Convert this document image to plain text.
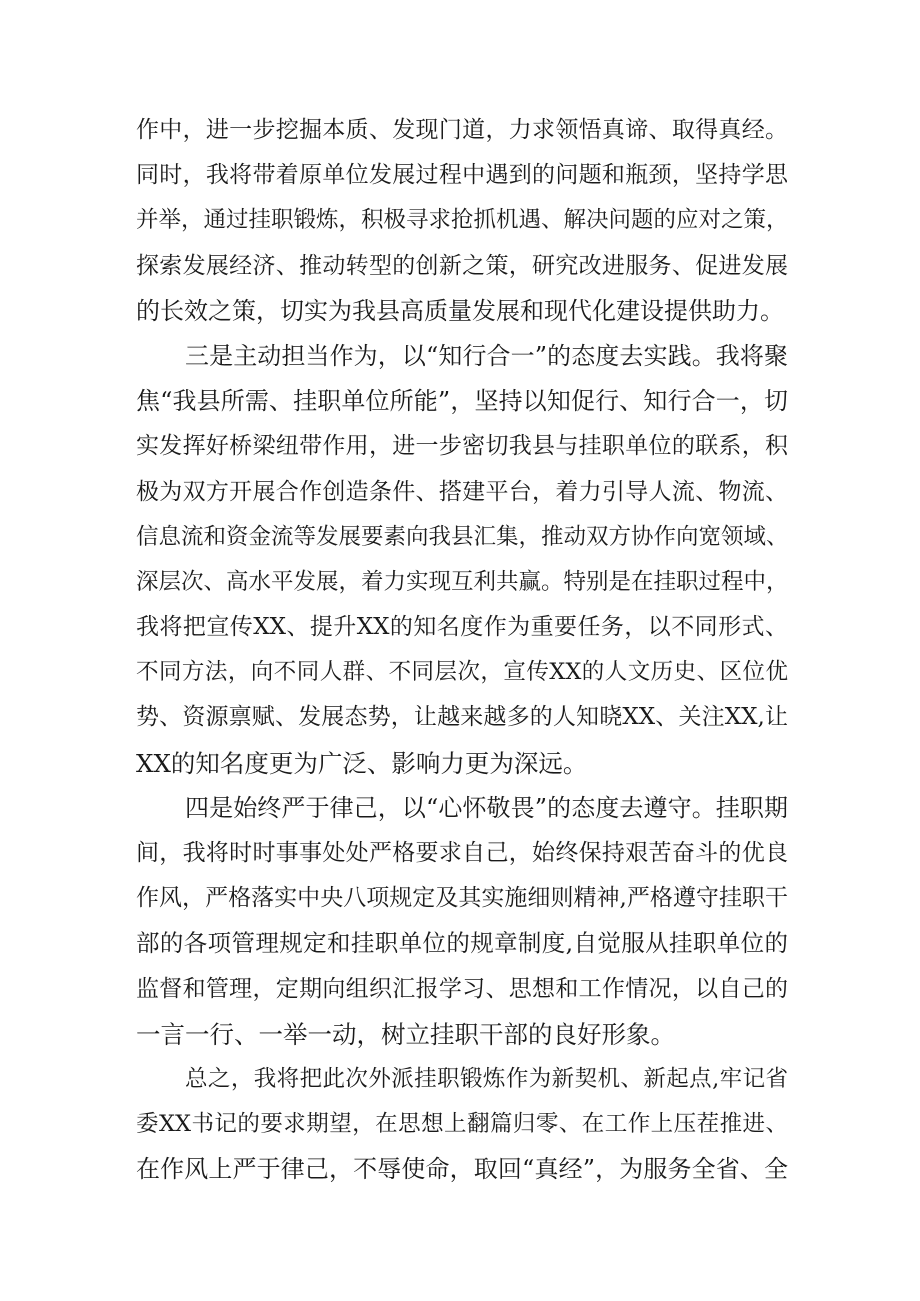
作中，进一步挖掘本质、发现门道，力求领悟真谛、取得真经。
同时，我将带着原单位发展过程中遇到的问题和瓶颈，坚持学思
并举，通过挂职锻炼，积极寻求抢抓机遇、解决问题的应对之策，
探索发展经济、推动转型的创新之策，研究改进服务、促进发展
的长效之策，切实为我县高质量发展和现代化建设提供助力。
三是主动担当作为，以“知行合一”的态度去实践。我将聚
焦“我县所需、挂职单位所能”，坚持以知促行、知行合一，切
实发挥好桥梁纽带作用，进一步密切我县与挂职单位的联系，积
极为双方开展合作创造条件、搭建平台，着力引导人流、物流、
信息流和资金流等发展要素向我县汇集，推动双方协作向宽领域、
深层次、高水平发展，着力实现互利共赢。特别是在挂职过程中，
我将把宣传XX、提升XX的知名度作为重要任务，以不同形式、
不同方法，向不同人群、不同层次，宣传XX的人文历史、区位优
势、资源禀赋、发展态势，让越来越多的人知晓XX、关注XX,让
XX的知名度更为广泛、影响力更为深远。
四是始终严于律己，以“心怀敬畏”的态度去遵守。挂职期
间，我将时时事事处处严格要求自己，始终保持艰苦奋斗的优良
作风，严格落实中央八项规定及其实施细则精神,严格遵守挂职干
部的各项管理规定和挂职单位的规章制度,自觉服从挂职单位的
监督和管理，定期向组织汇报学习、思想和工作情况，以自己的
一言一行、一举一动，树立挂职干部的良好形象。
总之，我将把此次外派挂职锻炼作为新契机、新起点,牢记省
委XX书记的要求期望，在思想上翻篇归零、在工作上压茬推进、
在作风上严于律己，不辱使命，取回“真经”，为服务全省、全
